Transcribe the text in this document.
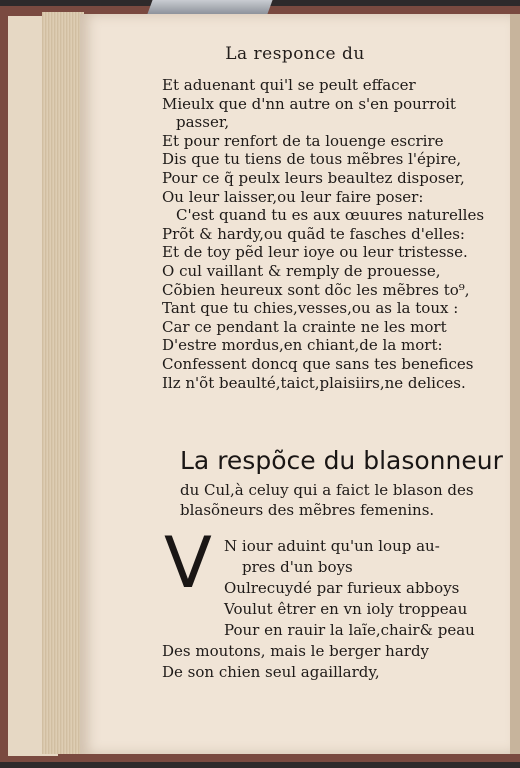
La responce du
Et aduenant qui'l se peult effacer
Mieulx que d'nn autre on s'en pourroit
passer,
Et pour renfort de ta louenge escrire
Dis que tu tiens de tous mẽbres l'épire,
Pour ce q̃ peulx leurs beaultez disposer,
Ou leur laisser,ou leur faire poser:
C'est quand tu es aux œuures naturelles
Prõt & hardy,ou quãd te fasches d'elles:
Et de toy pẽd leur ioye ou leur tristesse.
O cul vaillant & remply de prouesse,
Cõbien heureux sont dõc les mẽbres to⁹,
Tant que tu chies,vesses,ou as la toux :
Car ce pendant la crainte ne les mort
D'estre mordus,en chiant,de la mort:
Confessent doncq que sans tes benefices
Ilz n'õt beaulté,taict,plaisiirs,ne delices.
La respõce du blasonneur
du Cul,à celuy qui a faict le blason des
blasõneurs des mẽbres femenins.
V N iour aduint qu'un loup au-
pres d'un boys
Oulrecuydé par furieux abboys
Voulut êtrer en vn ioly troppeau
Pour en rauir la laĩe,chair& peau
Des moutons, mais le berger hardy
De son chien seul agaillardy,
